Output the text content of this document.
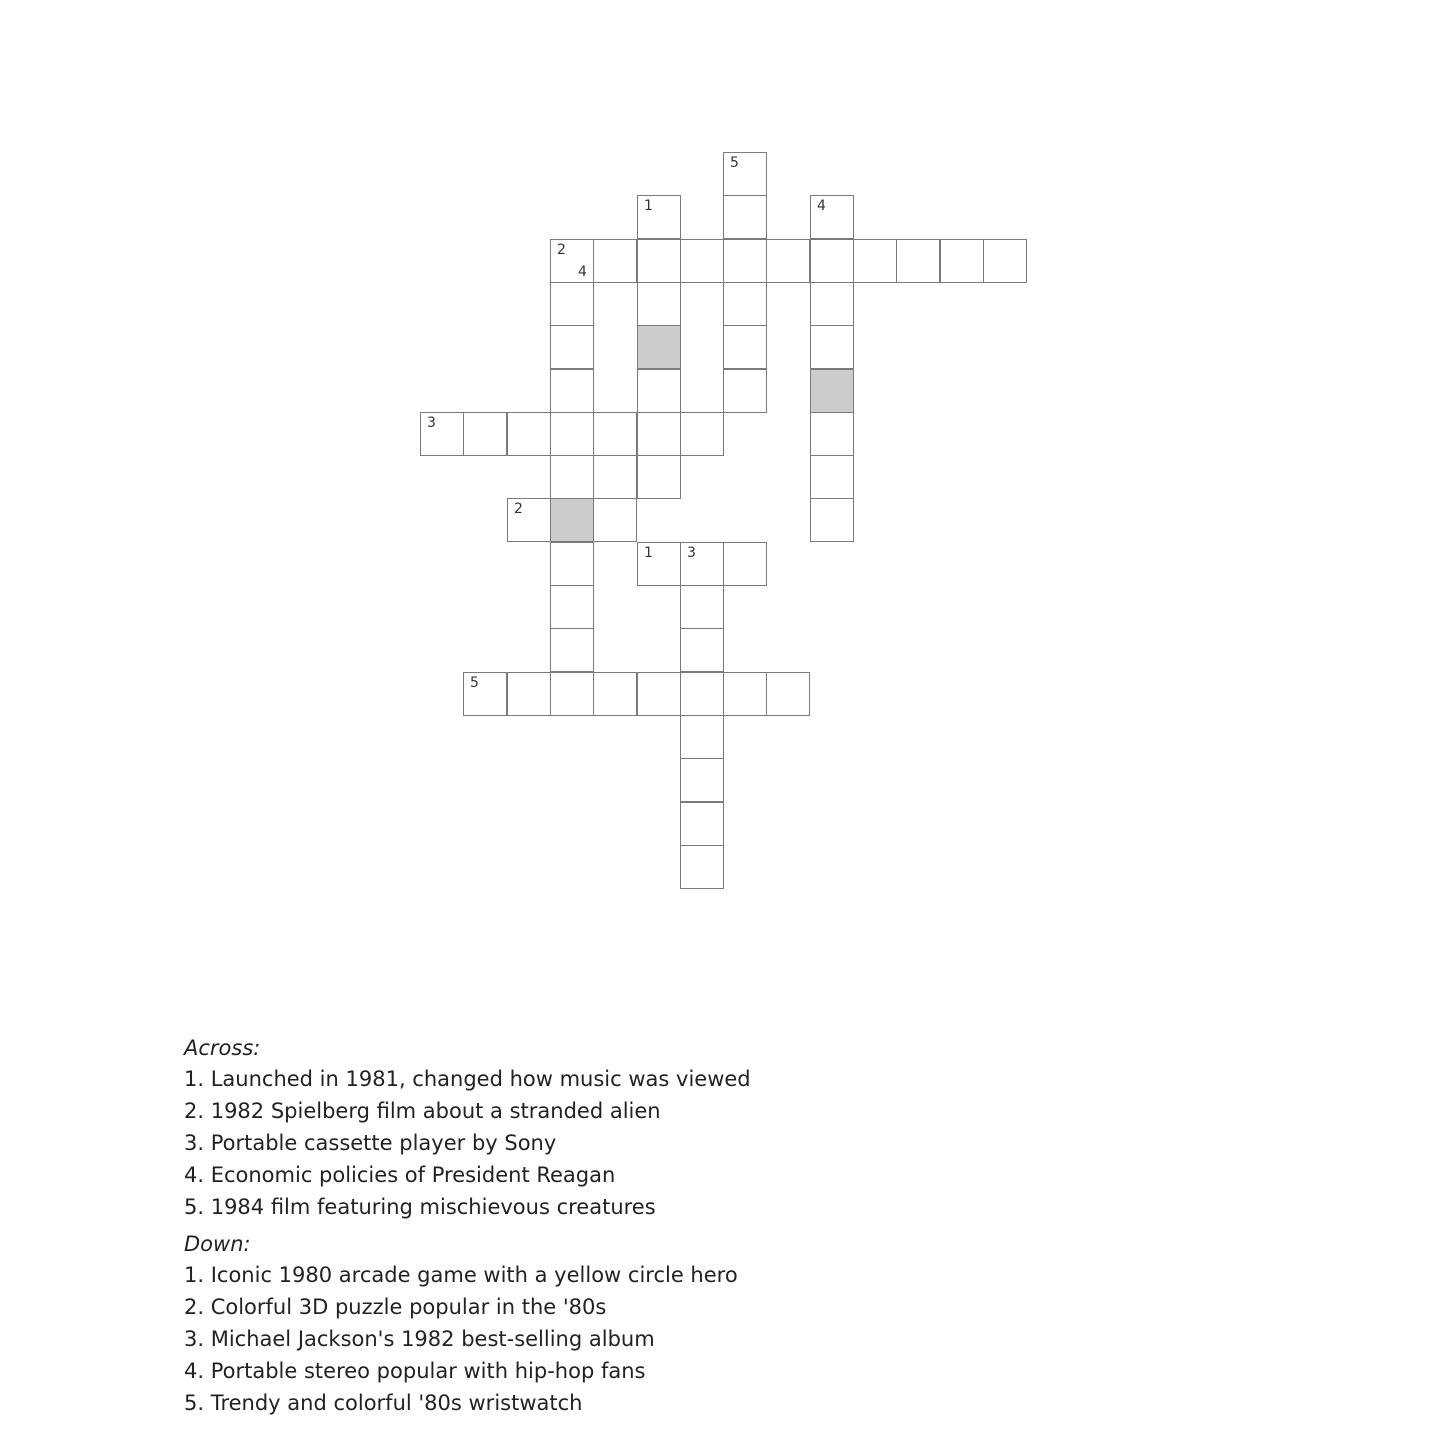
5
1	4
2
4
3
2
1 3
5
Across:
1. Launched in 1981, changed how music was viewed
2. 1982 Spielberg film about a stranded alien
3. Portable cassette player by Sony
4. Economic policies of President Reagan
5. 1984 film featuring mischievous creatures
Down:
1. Iconic 1980 arcade game with a yellow circle hero
2. Colorful 3D puzzle popular in the '80s
3. Michael Jackson's 1982 best-selling album
4. Portable stereo popular with hip-hop fans
5. Trendy and colorful '80s wristwatch
